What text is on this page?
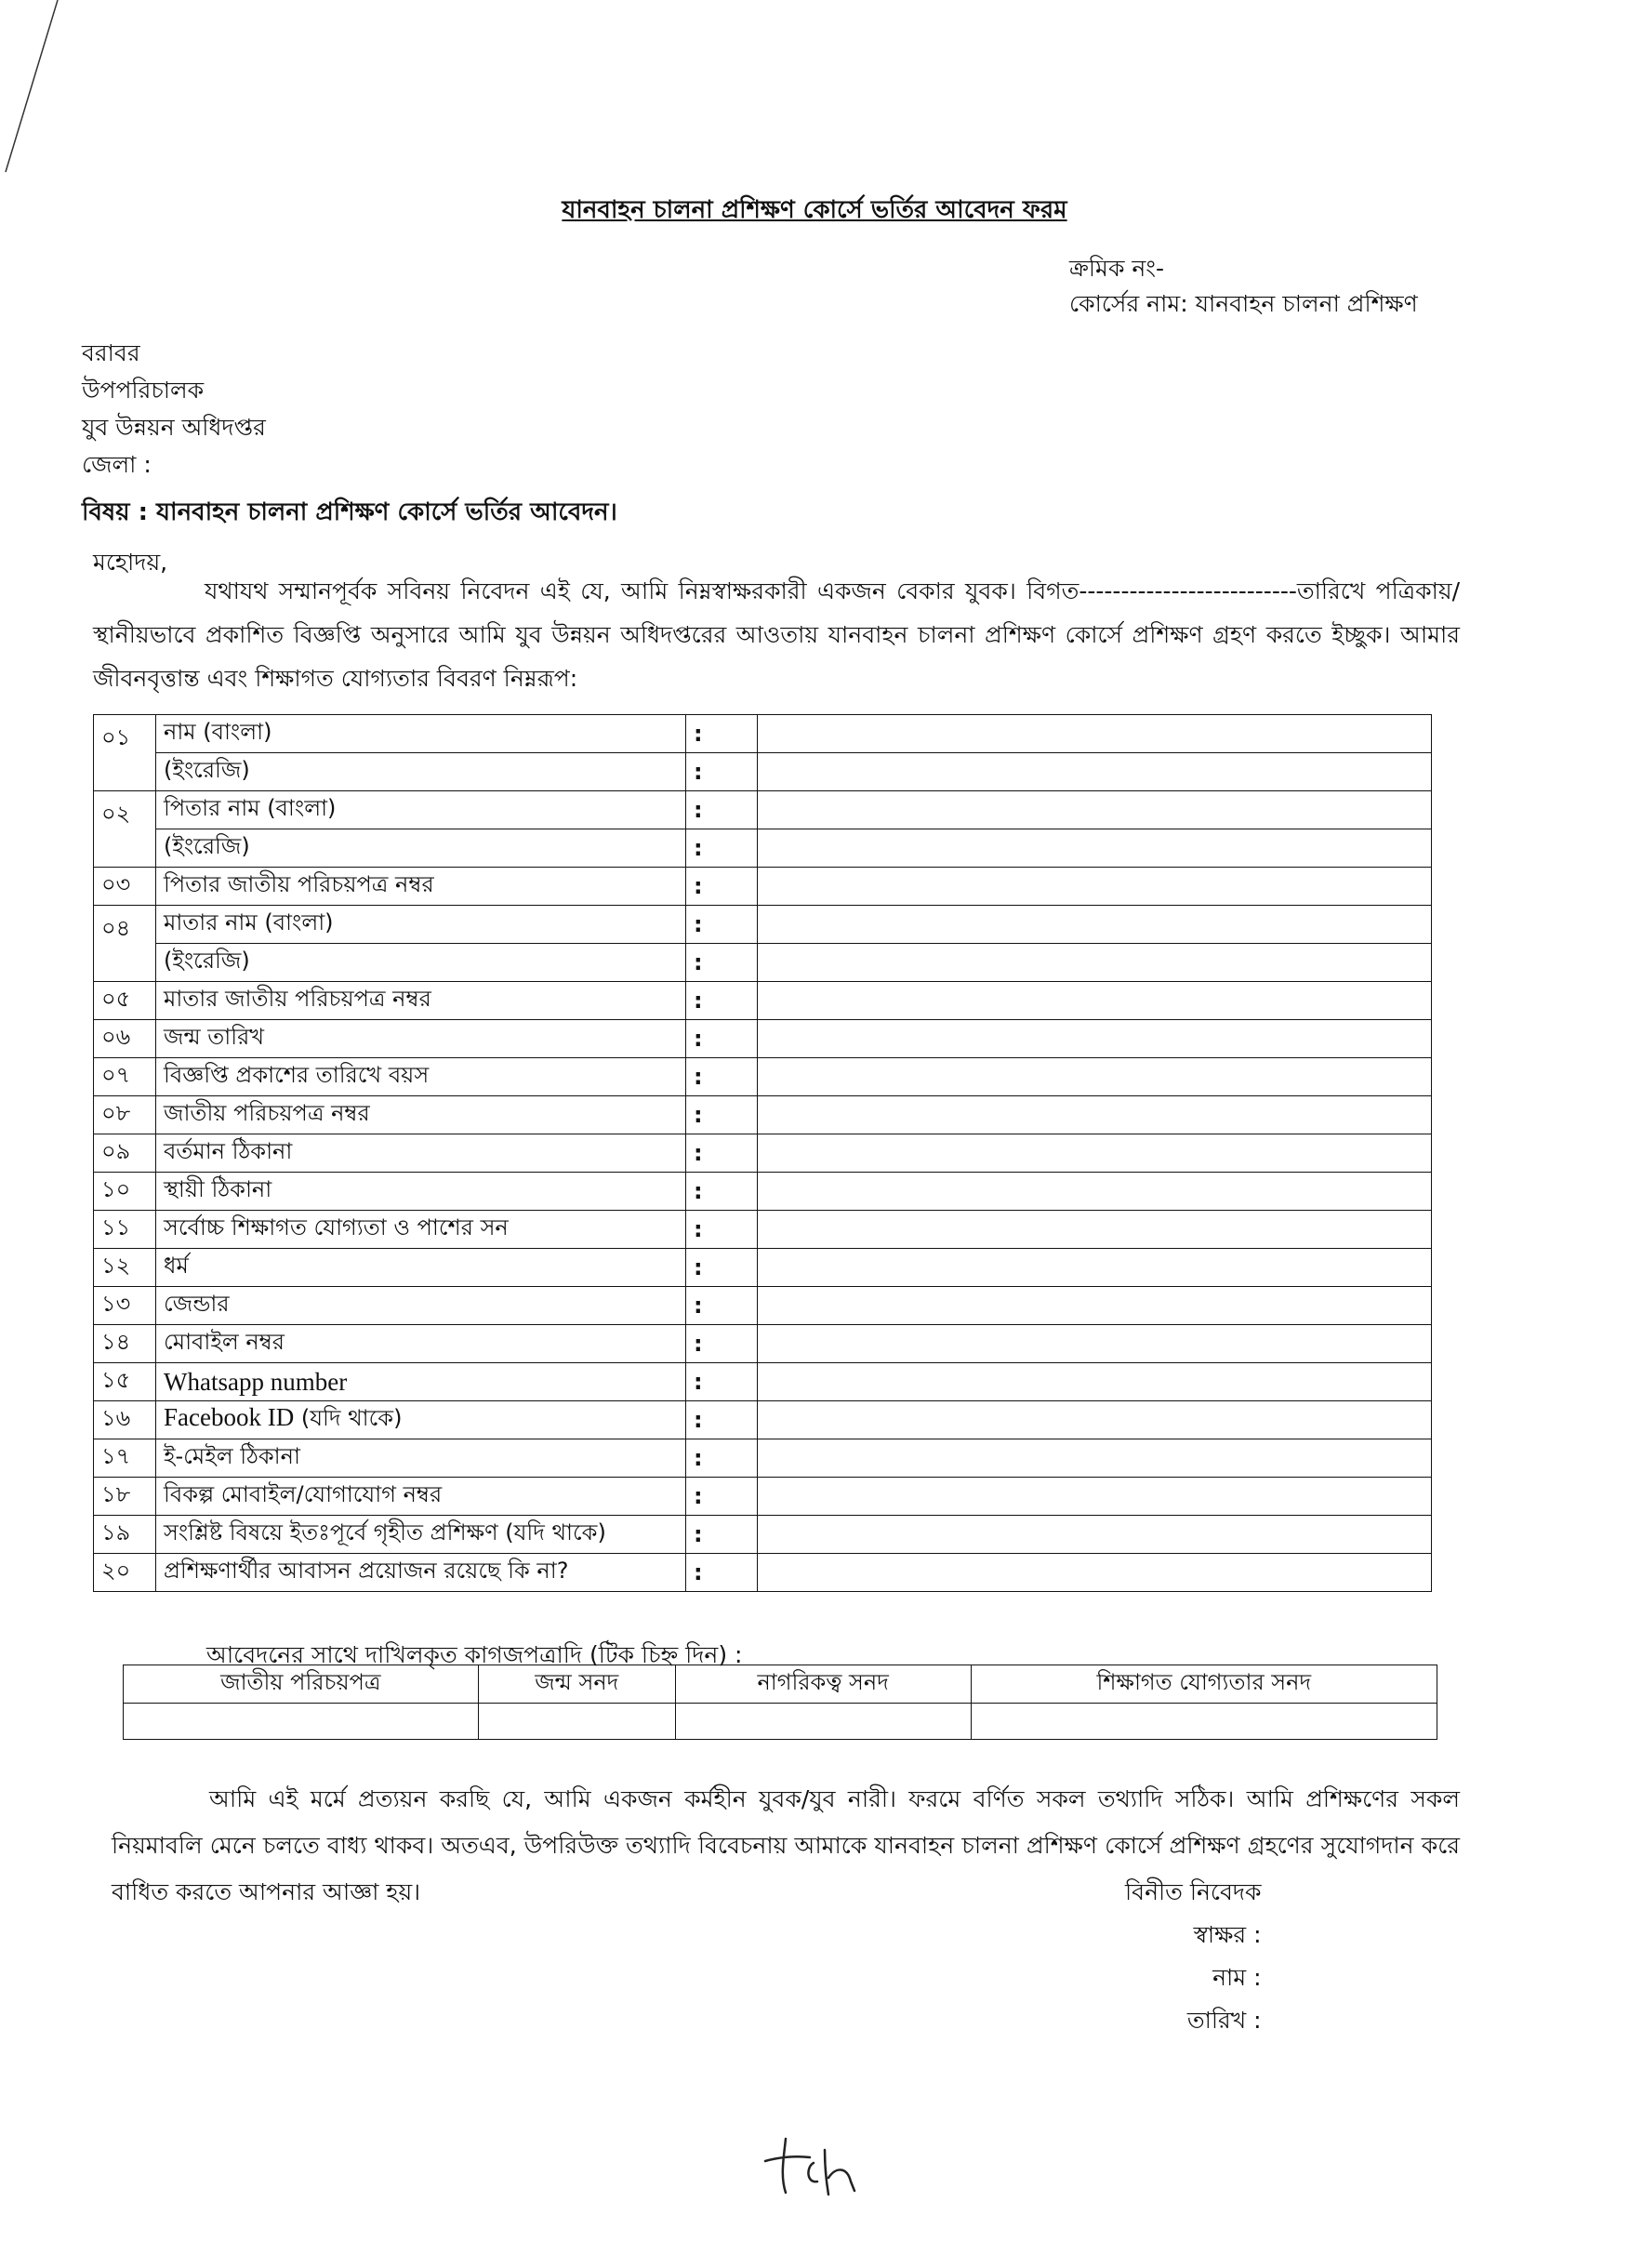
যানবাহন চালনা প্রশিক্ষণ কোর্সে ভর্তির আবেদন ফরম
ক্রমিক নং-
কোর্সের নাম: যানবাহন চালনা প্রশিক্ষণ
বরাবর
উপপরিচালক
যুব উন্নয়ন অধিদপ্তর
জেলা :
বিষয় : যানবাহন চালনা প্রশিক্ষণ কোর্সে ভর্তির আবেদন।
মহোদয়,

যথাযথ সম্মানপূর্বক সবিনয় নিবেদন এই যে, আমি নিম্নস্বাক্ষরকারী একজন বেকার যুবক। বিগত--------------------------তারিখে পত্রিকায়/স্থানীয়ভাবে প্রকাশিত বিজ্ঞপ্তি অনুসারে আমি যুব উন্নয়ন অধিদপ্তরের আওতায় যানবাহন চালনা প্রশিক্ষণ কোর্সে প্রশিক্ষণ গ্রহণ করতে ইচ্ছুক। আমার জীবনবৃত্তান্ত এবং শিক্ষাগত যোগ্যতার বিবরণ নিম্নরূপ:

০১	নাম (বাংলা)	:	
	(ইংরেজি)	:	
০২	পিতার নাম (বাংলা)	:	
	(ইংরেজি)	:	
০৩	পিতার জাতীয় পরিচয়পত্র নম্বর	:	
০৪	মাতার নাম (বাংলা)	:	
	(ইংরেজি)	:	
০৫	মাতার জাতীয় পরিচয়পত্র নম্বর	:	
০৬	জন্ম তারিখ	:	
০৭	বিজ্ঞপ্তি প্রকাশের তারিখে বয়স	:	
০৮	জাতীয় পরিচয়পত্র নম্বর	:	
০৯	বর্তমান ঠিকানা	:	
১০	স্থায়ী ঠিকানা	:	
১১	সর্বোচ্চ শিক্ষাগত যোগ্যতা ও পাশের সন	:	
১২	ধর্ম	:	
১৩	জেন্ডার	:	
১৪	মোবাইল নম্বর	:	
১৫	Whatsapp number	:	
১৬	Facebook ID (যদি থাকে)	:	
১৭	ই-মেইল ঠিকানা	:	
১৮	বিকল্প মোবাইল/যোগাযোগ নম্বর	:	
১৯	সংশ্লিষ্ট বিষয়ে ইতঃপূর্বে গৃহীত প্রশিক্ষণ (যদি থাকে)	:	
২০	প্রশিক্ষণার্থীর আবাসন প্রয়োজন রয়েছে কি না?	:	
আবেদনের সাথে দাখিলকৃত কাগজপত্রাদি (টিক চিহ্ন দিন) :
জাতীয় পরিচয়পত্র	জন্ম সনদ	নাগরিকত্ব সনদ	শিক্ষাগত যোগ্যতার সনদ

আমি এই মর্মে প্রত্যয়ন করছি যে, আমি একজন কর্মহীন যুবক/যুব নারী। ফরমে বর্ণিত সকল তথ্যাদি সঠিক। আমি প্রশিক্ষণের সকল নিয়মাবলি মেনে চলতে বাধ্য থাকব। অতএব, উপরিউক্ত তথ্যাদি বিবেচনায় আমাকে যানবাহন চালনা প্রশিক্ষণ কোর্সে প্রশিক্ষণ গ্রহণের সুযোগদান করে বাধিত করতে আপনার আজ্ঞা হয়।	বিনীত নিবেদক
স্বাক্ষর :
নাম :
তারিখ :
